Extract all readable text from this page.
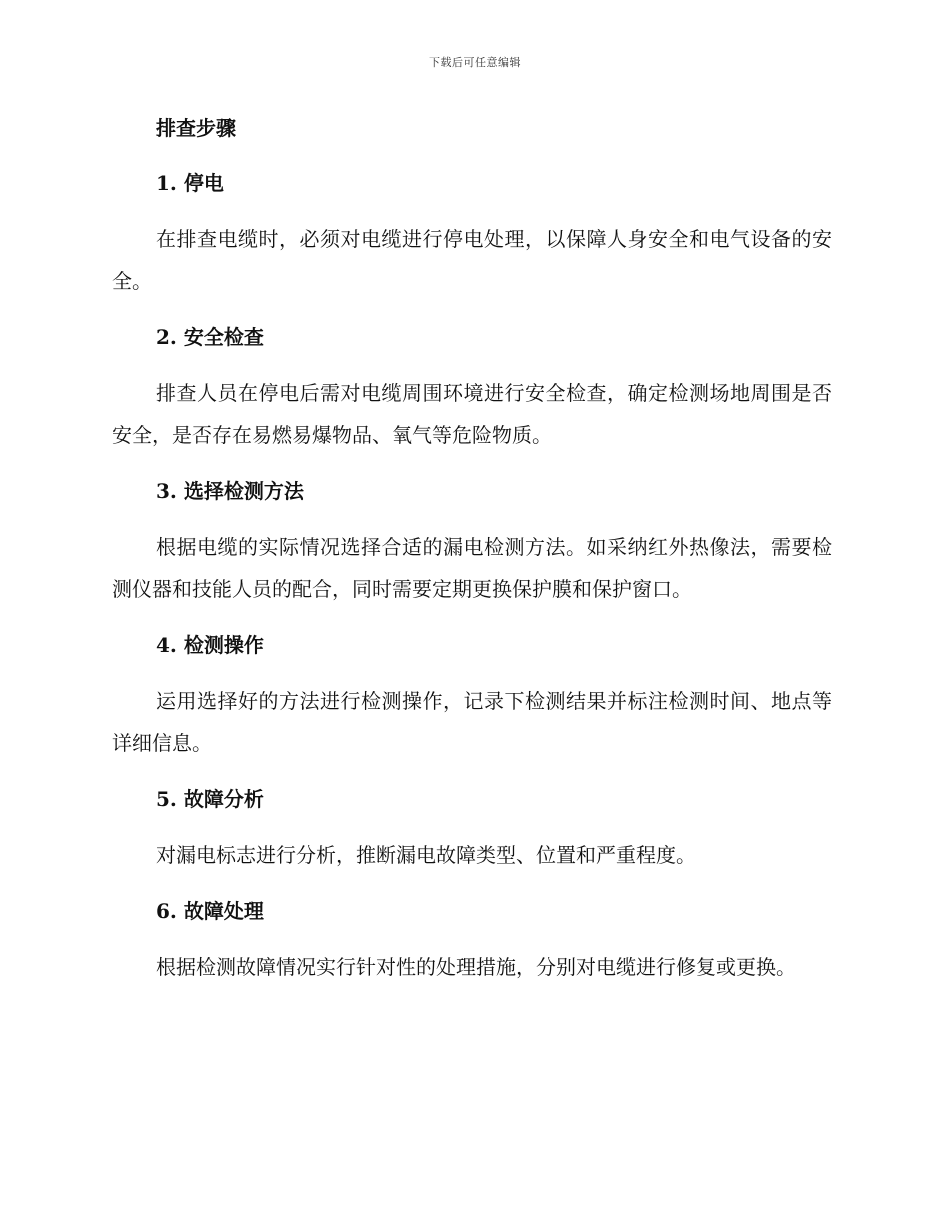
下载后可任意编辑
排查步骤
1. 停电

在排查电缆时，必须对电缆进行停电处理，以保障人身安全和电气设备的安全。

2. 安全检查

排查人员在停电后需对电缆周围环境进行安全检查，确定检测场地周围是否安全，是否存在易燃易爆物品、氧气等危险物质。

3. 选择检测方法

根据电缆的实际情况选择合适的漏电检测方法。如采纳红外热像法，需要检测仪器和技能人员的配合，同时需要定期更换保护膜和保护窗口。

4. 检测操作

运用选择好的方法进行检测操作，记录下检测结果并标注检测时间、地点等详细信息。

5. 故障分析

对漏电标志进行分析，推断漏电故障类型、位置和严重程度。

6. 故障处理

根据检测故障情况实行针对性的处理措施，分别对电缆进行修复或更换。
